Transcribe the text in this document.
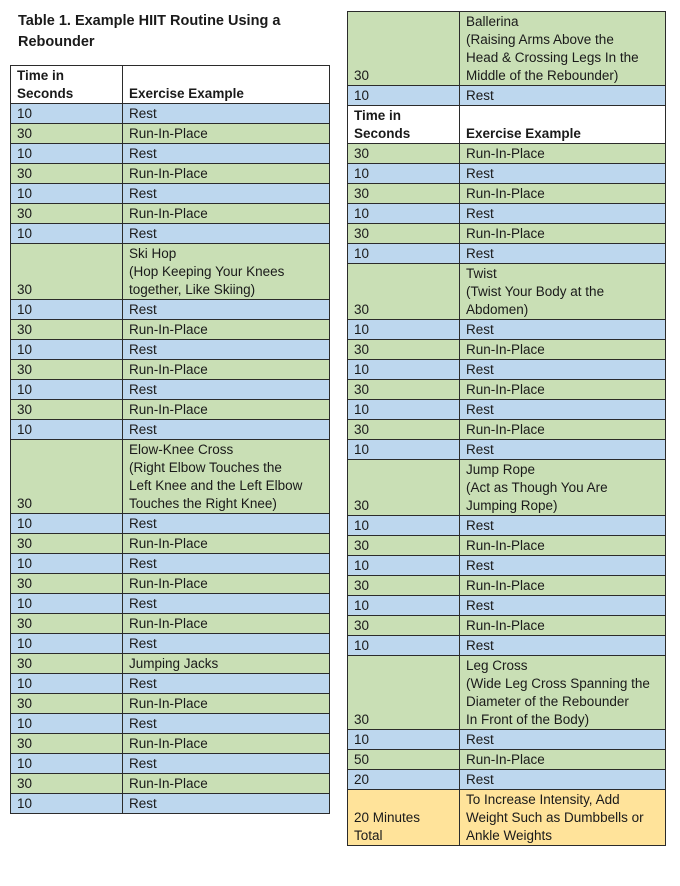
Table 1. Example HIIT Routine Using a Rebounder
Time in Seconds	Exercise Example

10	Rest

30	Run-In-Place

10	Rest

30	Run-In-Place

10	Rest

30	Run-In-Place

10	Rest

30	Ski Hop
(Hop Keeping Your Knees
together, Like Skiing)

10	Rest

30	Run-In-Place

10	Rest

30	Run-In-Place

10	Rest

30	Run-In-Place

10	Rest

30	Elow-Knee Cross
(Right Elbow Touches the
Left Knee and the Left Elbow
Touches the Right Knee)

10	Rest

30	Run-In-Place

10	Rest

30	Run-In-Place

10	Rest

30	Run-In-Place

10	Rest

30	Jumping Jacks

10	Rest

30	Run-In-Place

10	Rest

30	Run-In-Place

10	Rest

30	Run-In-Place

10	Rest
30	Ballerina
(Raising Arms Above the
Head & Crossing Legs In the
Middle of the Rebounder)

10	Rest

Time in Seconds	Exercise Example

30	Run-In-Place

10	Rest

30	Run-In-Place

10	Rest

30	Run-In-Place

10	Rest

30	Twist
(Twist Your Body at the
Abdomen)

10	Rest

30	Run-In-Place

10	Rest

30	Run-In-Place

10	Rest

30	Run-In-Place

10	Rest

30	Jump Rope
(Act as Though You Are
Jumping Rope)

10	Rest

30	Run-In-Place

10	Rest

30	Run-In-Place

10	Rest

30	Run-In-Place

10	Rest

30	Leg Cross
(Wide Leg Cross Spanning the
Diameter of the Rebounder
In Front of the Body)

10	Rest

50	Run-In-Place

20	Rest

20 Minutes
Total	To Increase Intensity, Add
Weight Such as Dumbbells or
Ankle Weights
